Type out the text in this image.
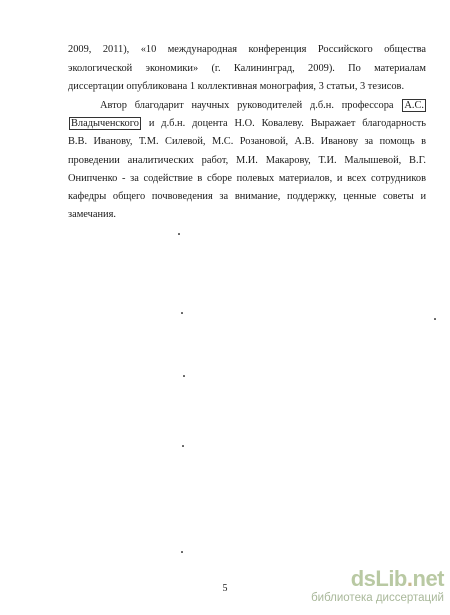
2009, 2011), «10 международная конференция Российского общества
экологической экономики» (г. Калининград, 2009). По материалам
диссертации опубликована 1 коллективная монография, 3 статьи, 3 тезисов.
Автор благодарит научных руководителей д.б.н. профессора А.С.
Владыченского и д.б.н. доцента Н.О. Ковалеву. Выражает благодарность
В.В. Иванову, Т.М. Силевой, М.С. Розановой, А.В. Иванову за помощь в
проведении аналитических работ, М.И. Макарову, Т.И. Малышевой, В.Г.
Онипченко - за содействие в сборе полевых материалов, и всех сотрудников
кафедры общего почвоведения за внимание, поддержку, ценные советы и
замечания.
5	dsLib.net
библиотека диссертаций
